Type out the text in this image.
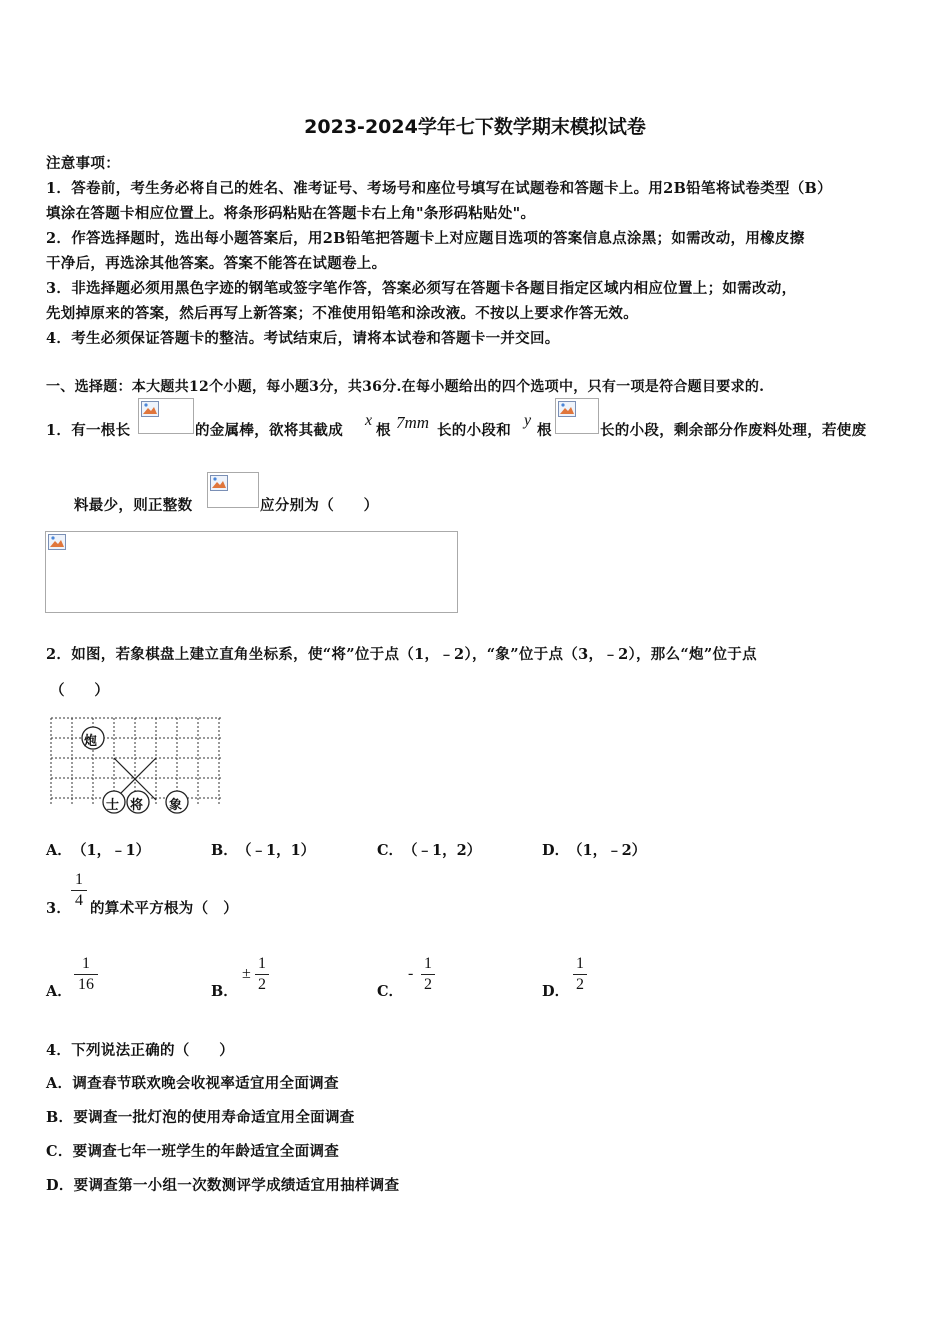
2023-2024学年七下数学期末模拟试卷
注意事项：
1．答卷前，考生务必将自己的姓名、准考证号、考场号和座位号填写在试题卷和答题卡上。用2B铅笔将试卷类型（B）
填涂在答题卡相应位置上。将条形码粘贴在答题卡右上角"条形码粘贴处"。
2．作答选择题时，选出每小题答案后，用2B铅笔把答题卡上对应题目选项的答案信息点涂黑；如需改动，用橡皮擦
干净后，再选涂其他答案。答案不能答在试题卷上。
3．非选择题必须用黑色字迹的钢笔或签字笔作答，答案必须写在答题卡各题目指定区域内相应位置上；如需改动，
先划掉原来的答案，然后再写上新答案；不准使用铅笔和涂改液。不按以上要求作答无效。
4．考生必须保证答题卡的整洁。考试结束后，请将本试卷和答题卡一并交回。
一、选择题：本大题共12个小题，每小题3分，共36分.在每小题给出的四个选项中，只有一项是符合题目要求的.
1．有一根长	的金属棒，欲将其截成
x
根 7mm 长的小段和
y
根	长的小段，剩余部分作废料处理，若使废
料最少，则正整数	应分别为（　　）
2．如图，若象棋盘上建立直角坐标系，使“将”位于点（1，﹣2），“象”位于点（3，﹣2），那么“炮”位于点
（　　）
炮
士 将 象
A． （1，﹣1）	B． （﹣1，1）	C． （﹣1，2）	D．
（1，﹣2）
3．
1
4 的算术平方根为（　）
A．
1
16	B．
±
1
2	C．
-
1
2	D．
1
2
4．下列说法正确的（　　）
A．调查春节联欢晚会收视率适宜用全面调查
B．要调查一批灯泡的使用寿命适宜用全面调查
C．要调查七年一班学生的年龄适宜全面调查
D．要调查第一小组一次数测评学成绩适宜用抽样调查
